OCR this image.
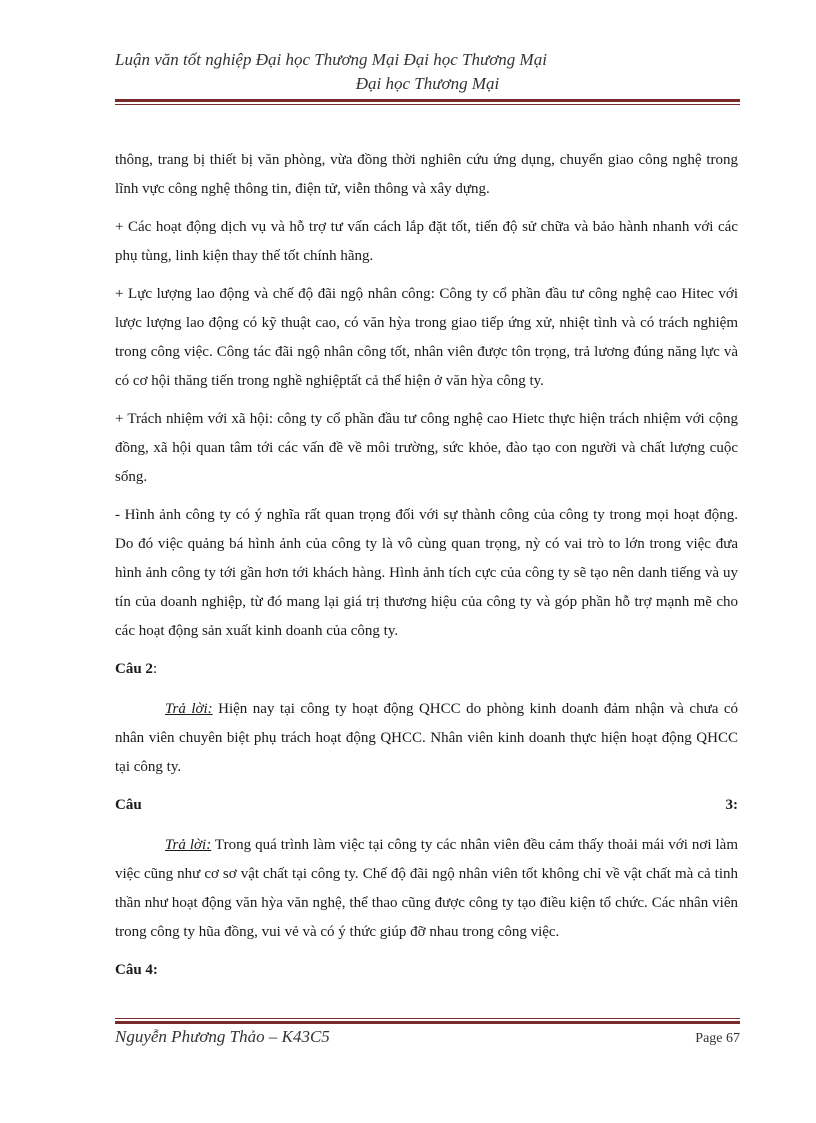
Luận văn tốt nghiệp Đại học Thương Mại Đại học Thương Mại
Đại học Thương Mại

thông, trang bị thiết bị văn phòng, vừa đồng thời nghiên cứu ứng dụng, chuyển giao công nghệ trong lĩnh vực công nghệ thông tin, điện tử, viễn thông và xây dựng.

+ Các hoạt động dịch vụ và hỗ trợ tư vấn cách lắp đặt tốt, tiến độ sử chữa và bảo hành nhanh với các phụ tùng, linh kiện thay thế tốt chính hãng.

+ Lực lượng lao động và chế độ đãi ngộ nhân công: Công ty cổ phần đầu tư công nghệ cao Hitec với lược lượng lao động có kỹ thuật cao, có văn hỳa trong giao tiếp ứng xử, nhiệt tình và có trách nghiệm trong công việc. Công tác đãi ngộ nhân công tốt, nhân viên được tôn trọng, trả lương đúng năng lực và có cơ hội thăng tiến trong nghề nghiệptất cả thể hiện ở văn hỳa công ty.

+ Trách nhiệm với xã hội: công ty cổ phần đầu tư công nghệ cao Hietc thực hiện trách nhiệm với cộng đồng, xã hội quan tâm tới các vấn đề về môi trường, sức khỏe, đào tạo con người và chất lượng cuộc sống.

- Hình ảnh công ty có ý nghĩa rất quan trọng đối với sự thành công của công ty trong mọi hoạt động. Do đó việc quảng bá hình ảnh của công ty là vô cùng quan trọng, nỳ có vai trò to lớn trong việc đưa hình ảnh công ty tới gần hơn tới khách hàng. Hình ảnh tích cực của công ty sẽ tạo nên danh tiếng và uy tín của doanh nghiệp, từ đó mang lại giá trị thương hiệu của công ty và góp phần hỗ trợ mạnh mẽ cho các hoạt động sản xuất kinh doanh của công ty.

Câu 2:

Trả lời: Hiện nay tại công ty hoạt động QHCC do phòng kinh doanh đảm nhận và chưa có nhân viên chuyên biệt phụ trách hoạt động QHCC. Nhân viên kinh doanh thực hiện hoạt động QHCC tại công ty.

Câu	3:

Trả lời: Trong quá trình làm việc tại công ty các nhân viên đều cảm thấy thoải mái với nơi làm việc cũng như cơ sơ vật chất tại công ty. Chế độ đãi ngộ nhân viên tốt không chỉ về vật chất mà cả tinh thần như hoạt động văn hỳa văn nghệ, thể thao cũng được công ty tạo điều kiện tổ chức. Các nhân viên trong công ty hũa đồng, vui vẻ và có ý thức giúp đỡ nhau trong công việc.

Câu 4:
Nguyễn Phương Thảo – K43C5	Page 67
